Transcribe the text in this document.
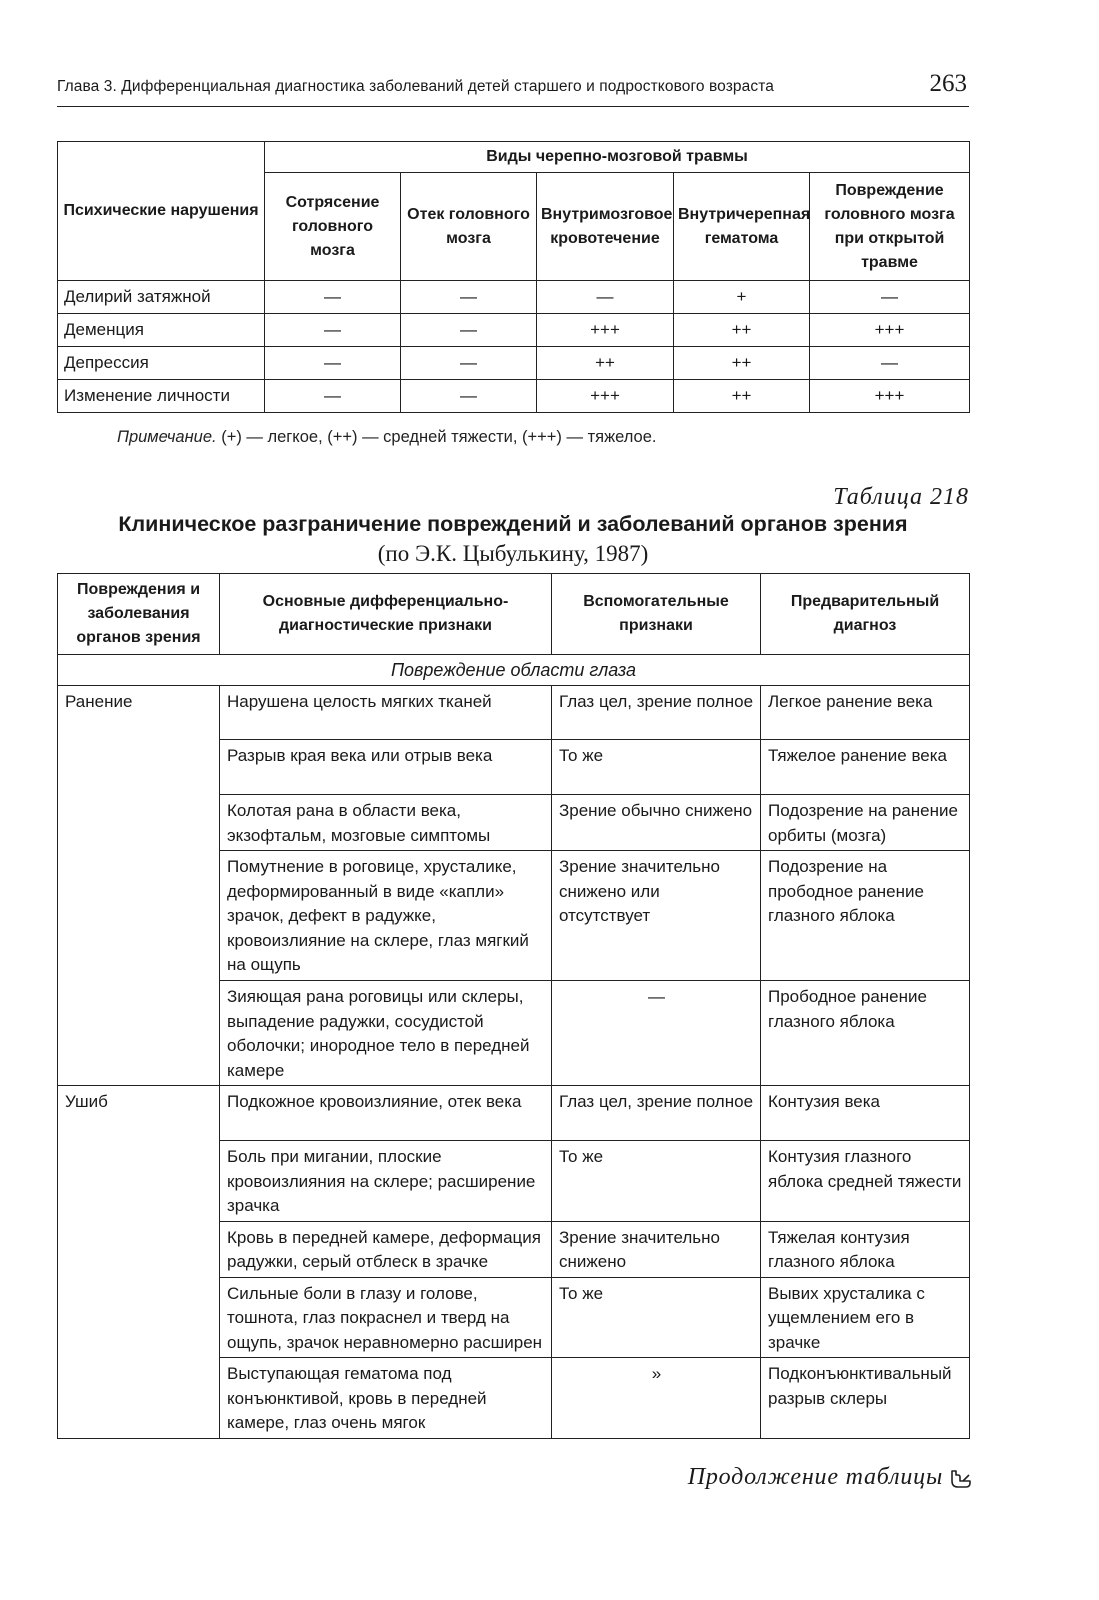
Глава 3. Дифференциальная диагностика заболеваний детей старшего и подросткового возраста	263
Психические нарушения	Виды черепно-мозговой травмы				
	Сотрясение головного мозга	Отек головного мозга	Внутримозговое кровотечение	Внутричерепная гематома	Повреждение головного мозга при открытой травме
Делирий затяжной	—	—	—	+	—
Деменция	—	—	+++	++	+++
Депрессия	—	—	++	++	—
Изменение личности	—	—	+++	++	+++
Примечание. (+) — легкое, (++) — средней тяжести, (+++) — тяжелое.
Таблица 218
Клиническое разграничение повреждений и заболеваний органов зрения
(по Э.К. Цыбулькину, 1987)
Повреждения и заболевания органов зрения	Основные дифференциально-диагностические признаки	Вспомогательные признаки	Предварительный диагноз
Повреждение области глаза			
Ранение	Нарушена целость мягких тканей	Глаз цел, зрение полное	Легкое ранение века
	Разрыв края века или отрыв века	То же	Тяжелое ранение века
	Колотая рана в области века, экзофтальм, мозговые симптомы	Зрение обычно снижено	Подозрение на ранение орбиты (мозга)
	Помутнение в роговице, хрусталике, деформированный в виде «капли» зрачок, дефект в радужке, кровоизлияние на склере, глаз мягкий на ощупь	Зрение значительно снижено или отсутствует	Подозрение на прободное ранение глазного яблока
	Зияющая рана роговицы или склеры, выпадение радужки, сосудистой оболочки; инородное тело в передней камере	—	Прободное ранение глазного яблока
Ушиб	Подкожное кровоизлияние, отек века	Глаз цел, зрение полное	Контузия века
	Боль при мигании, плоские кровоизлияния на склере; расширение зрачка	То же	Контузия глазного яблока средней тяжести
	Кровь в передней камере, деформация радужки, серый отблеск в зрачке	Зрение значительно снижено	Тяжелая контузия глазного яблока
	Сильные боли в глазу и голове, тошнота, глаз покраснел и тверд на ощупь, зрачок неравномерно расширен	То же	Вывих хрусталика с ущемлением его в зрачке
	Выступающая гематома под конъюнктивой, кровь в передней камере, глаз очень мягок	»	Подконъюнктивальный разрыв склеры
Продолжение таблицы
